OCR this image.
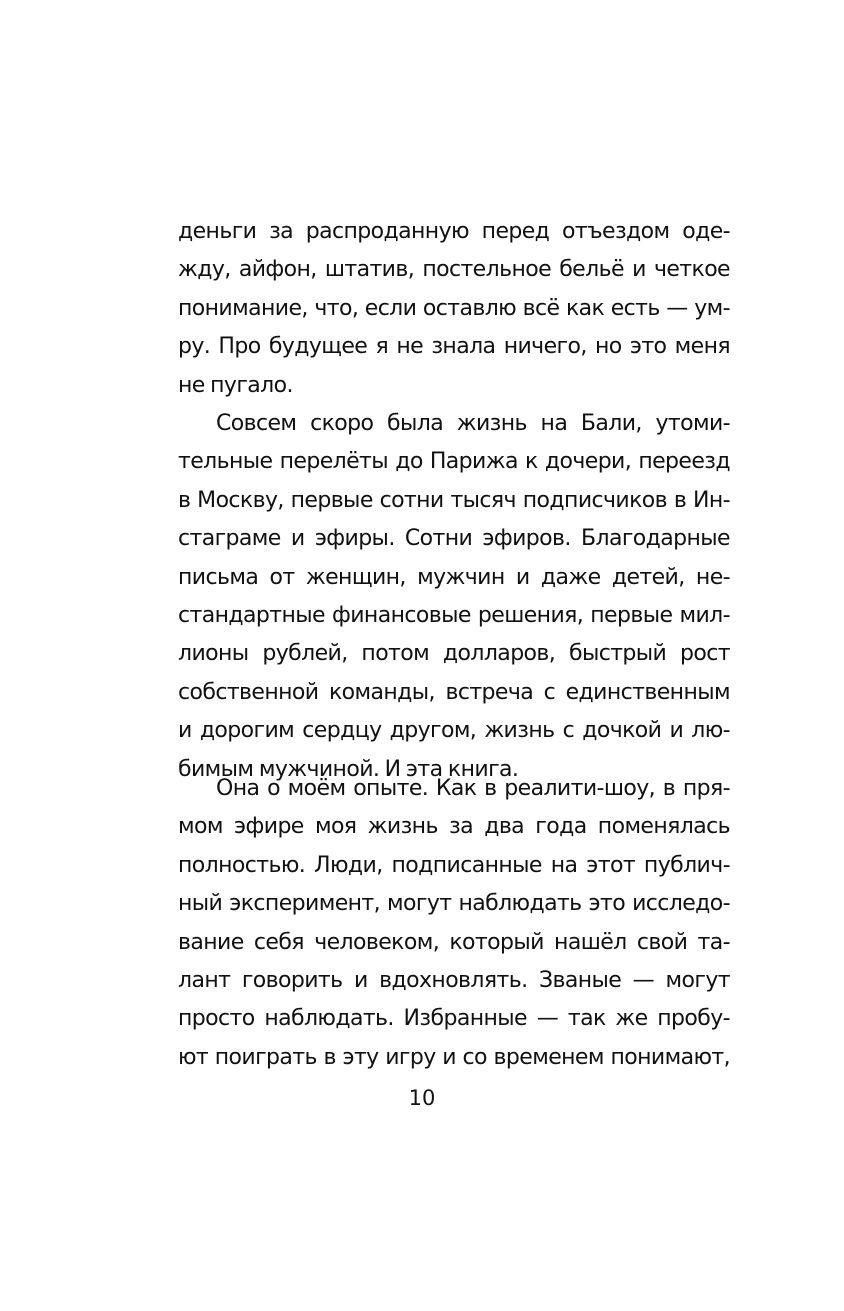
деньги за распроданную перед отъездом оде-
жду, айфон, штатив, постельное бельё и четкое
понимание, что, если оставлю всё как есть — ум-
ру. Про будущее я не знала ничего, но это меня
не пугало.
Совсем скоро была жизнь на Бали, утоми-
тельные перелёты до Парижа к дочери, переезд
в Москву, первые сотни тысяч подписчиков в Ин-
стаграме и эфиры. Сотни эфиров. Благодарные
письма от женщин, мужчин и даже детей, не-
стандартные финансовые решения, первые мил-
лионы рублей, потом долларов, быстрый рост
собственной команды, встреча с единственным
и дорогим сердцу другом, жизнь с дочкой и лю-
бимым мужчиной. И эта книга.
Она о моём опыте. Как в реалити-шоу, в пря-
мом эфире моя жизнь за два года поменялась
полностью. Люди, подписанные на этот публич-
ный эксперимент, могут наблюдать это исследо-
вание себя человеком, который нашёл свой та-
лант говорить и вдохновлять. Званые — могут
просто наблюдать. Избранные — так же пробу-
ют поиграть в эту игру и со временем понимают,
10
